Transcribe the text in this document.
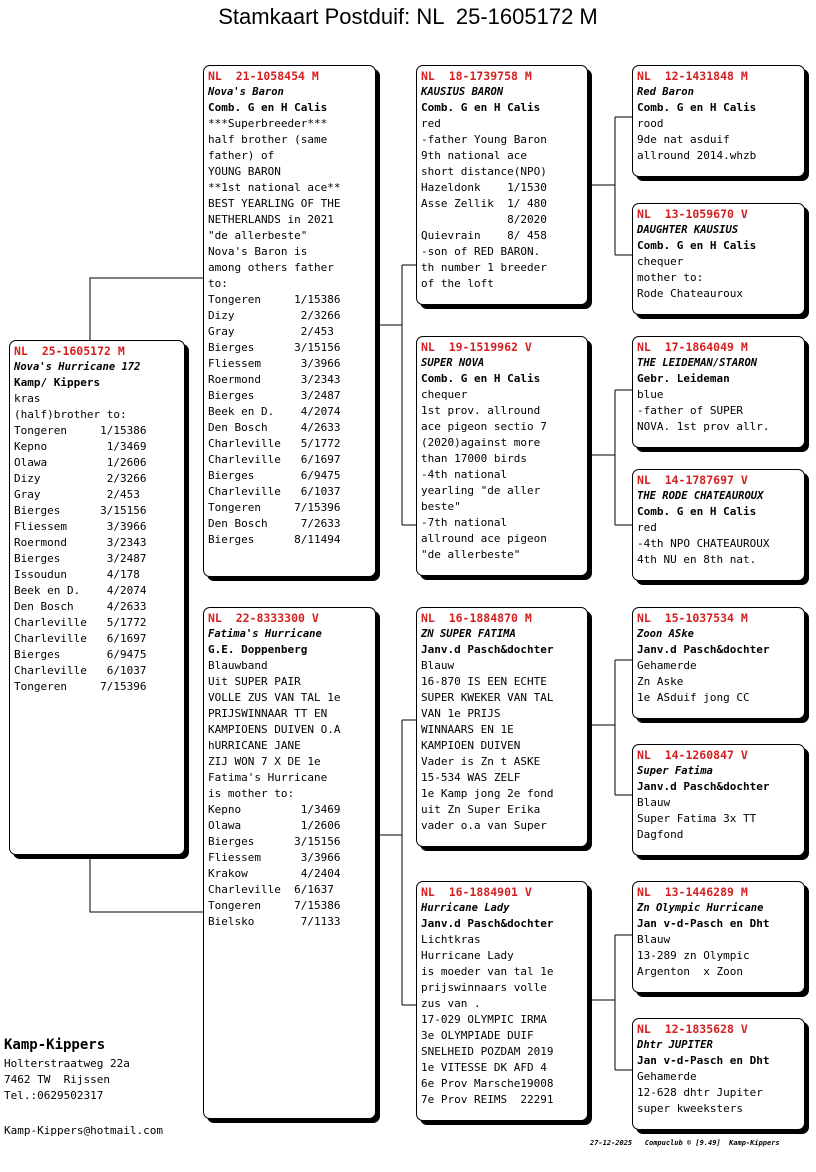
Stamkaart Postduif: NL  25-1605172 M
NL  25-1605172 M
Nova's Hurricane 172
Kamp/ Kippers
kras
(half)brother to:
Tongeren     1/15386
Kepno         1/3469
Olawa         1/2606
Dizy          2/3266
Gray          2/453
Bierges      3/15156
Fliessem      3/3966
Roermond      3/2343
Bierges       3/2487
Issoudun      4/178
Beek en D.    4/2074
Den Bosch     4/2633
Charleville   5/1772
Charleville   6/1697
Bierges       6/9475
Charleville   6/1037
Tongeren     7/15396
NL  21-1058454 M
Nova's Baron
Comb. G en H Calis
***Superbreeder***
half brother (same
father) of
YOUNG BARON
**1st national ace**
BEST YEARLING OF THE
NETHERLANDS in 2021
"de allerbeste"
Nova's Baron is
among others father
to:
Tongeren     1/15386
Dizy          2/3266
Gray          2/453
Bierges      3/15156
Fliessem      3/3966
Roermond      3/2343
Bierges       3/2487
Beek en D.    4/2074
Den Bosch     4/2633
Charleville   5/1772
Charleville   6/1697
Bierges       6/9475
Charleville   6/1037
Tongeren     7/15396
Den Bosch     7/2633
Bierges      8/11494
NL  22-8333300 V
Fatima's Hurricane
G.E. Doppenberg
Blauwband
Uit SUPER PAIR
VOLLE ZUS VAN TAL 1e
PRIJSWINNAAR TT EN
KAMPIOENS DUIVEN O.A
hURRICANE JANE
ZIJ WON 7 X DE 1e
Fatima's Hurricane
is mother to:
Kepno         1/3469
Olawa         1/2606
Bierges      3/15156
Fliessem      3/3966
Krakow        4/2404
Charleville  6/1637
Tongeren     7/15386
Bielsko       7/1133
NL  18-1739758 M
KAUSIUS BARON
Comb. G en H Calis
red
-father Young Baron
9th national ace
short distance(NPO)
Hazeldonk    1/1530
Asse Zellik  1/ 480
8/2020
Quievrain    8/ 458
-son of RED BARON.
th number 1 breeder
of the loft
NL  19-1519962 V
SUPER NOVA
Comb. G en H Calis
chequer
1st prov. allround
ace pigeon sectio 7
(2020)against more
than 17000 birds
-4th national
yearling "de aller
beste"
-7th national
allround ace pigeon
"de allerbeste"
NL  16-1884870 M
ZN SUPER FATIMA
Janv.d Pasch&dochter
Blauw
16-870 IS EEN ECHTE
SUPER KWEKER VAN TAL
VAN 1e PRIJS
WINNAARS EN 1E
KAMPIOEN DUIVEN
Vader is Zn t ASKE
15-534 WAS ZELF
1e Kamp jong 2e fond
uit Zn Super Erika
vader o.a van Super
NL  16-1884901 V
Hurricane Lady
Janv.d Pasch&dochter
Lichtkras
Hurricane Lady
is moeder van tal 1e
prijswinnaars volle
zus van .
17-029 OLYMPIC IRMA
3e OLYMPIADE DUIF
SNELHEID POZDAM 2019
1e VITESSE DK AFD 4
6e Prov Marsche19008
7e Prov REIMS  22291
NL  12-1431848 M
Red Baron
Comb. G en H Calis
rood
9de nat asduif
allround 2014.whzb
NL  13-1059670 V
DAUGHTER KAUSIUS
Comb. G en H Calis
chequer
mother to:
Rode Chateauroux
NL  17-1864049 M
THE LEIDEMAN/STARON
Gebr. Leideman
blue
-father of SUPER
NOVA. 1st prov allr.
NL  14-1787697 V
THE RODE CHATEAUROUX
Comb. G en H Calis
red
-4th NPO CHATEAUROUX
4th NU en 8th nat.
NL  15-1037534 M
Zoon ASke
Janv.d Pasch&dochter
Gehamerde
Zn Aske
1e ASduif jong CC
NL  14-1260847 V
Super Fatima
Janv.d Pasch&dochter
Blauw
Super Fatima 3x TT
Dagfond
NL  13-1446289 M
Zn Olympic Hurricane
Jan v-d-Pasch en Dht
Blauw
13-289 zn Olympic
Argenton  x Zoon
NL  12-1835628 V
Dhtr JUPITER
Jan v-d-Pasch en Dht
Gehamerde
12-628 dhtr Jupiter
super kweeksters
Kamp-Kippers
Holterstraatweg 22a
7462 TW  Rijssen
Tel.:0629502317
Kamp-Kippers@hotmail.com
27-12-2025   Compuclub © [9.49]  Kamp-Kippers
